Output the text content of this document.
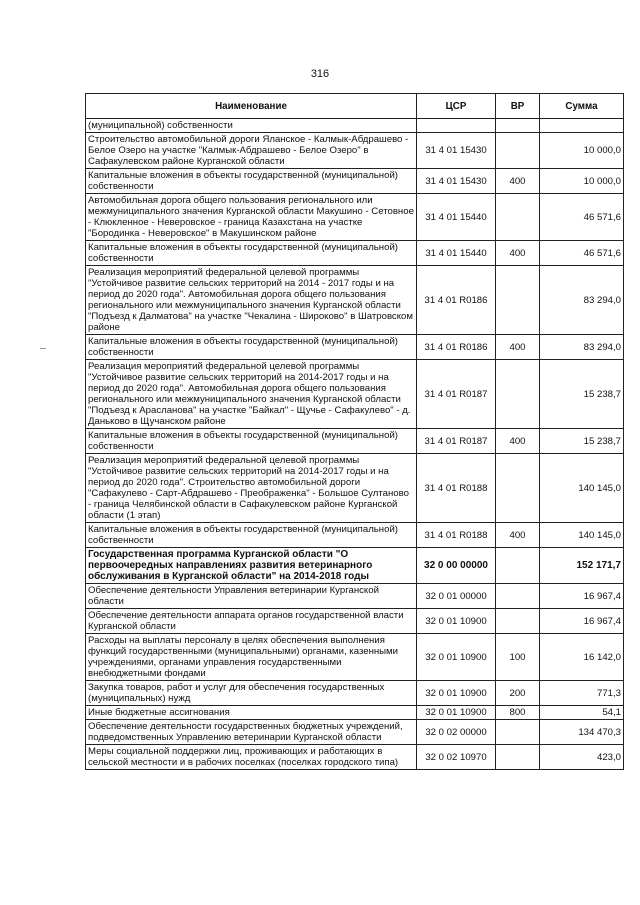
316
Наименование	ЦСР	ВР	Сумма
(муниципальной) собственности			
Строительство автомобильной дороги Яланское - Калмык-Абдрашево - Белое Озеро на участке "Калмык-Абдрашево - Белое Озеро" в Сафакулевском районе Курганской области	31 4 01 15430		10 000,0
Капитальные вложения в объекты государственной (муниципальной) собственности	31 4 01 15430	400	10 000,0
Автомобильная дорога общего пользования регионального или межмуниципального значения Курганской области Макушино - Сетовное - Клюкленное - Неверовское - граница Казахстана на участке "Бородинка - Неверовское" в Макушинском районе	31 4 01 15440		46 571,6
Капитальные вложения в объекты государственной (муниципальной) собственности	31 4 01 15440	400	46 571,6
Реализация мероприятий федеральной целевой программы "Устойчивое развитие сельских территорий на 2014 - 2017 годы и на период до 2020 года". Автомобильная дорога общего пользования регионального или межмуниципального значения Курганской области "Подъезд к Далматова" на участке "Чекалина - Широково" в Шатровском районе	31 4 01 R0186		83 294,0
Капитальные вложения в объекты государственной (муниципальной) собственности	31 4 01 R0186	400	83 294,0
Реализация мероприятий федеральной целевой программы "Устойчивое развитие сельских территорий на 2014-2017 годы и на период до 2020 года". Автомобильная дорога общего пользования регионального или межмуниципального значения Курганской области "Подъезд к Арасланова" на участке "Байкал" - Щучье - Сафакулево" - д. Данькoво в Щучанском районе	31 4 01 R0187		15 238,7
Капитальные вложения в объекты государственной (муниципальной) собственности	31 4 01 R0187	400	15 238,7
Реализация мероприятий федеральной целевой программы "Устойчивое развитие сельских территорий на 2014-2017 годы и на период до 2020 года". Строительство автомобильной дороги "Сафакулево - Сарт-Абдрашево - Преображенка" - Большое Султаново - граница Челябинской области в Сафакулевском районе Курганской области (1 этап)	31 4 01 R0188		140 145,0
Капитальные вложения в объекты государственной (муниципальной) собственности	31 4 01 R0188	400	140 145,0
Государственная программа Курганской области "О первоочередных направлениях развития ветеринарного обслуживания в Курганской области" на 2014-2018 годы	32 0 00 00000		152 171,7
Обеспечение деятельности Управления ветеринарии Курганской области	32 0 01 00000		16 967,4
Обеспечение деятельности аппарата органов государственной власти Курганской области	32 0 01 10900		16 967,4
Расходы на выплаты персоналу в целях обеспечения выполнения функций государственными (муниципальными) органами, казенными учреждениями, органами управления государственными внебюджетными фондами	32 0 01 10900	100	16 142,0
Закупка товаров, работ и услуг для обеспечения государственных (муниципальных) нужд	32 0 01 10900	200	771,3
Иные бюджетные ассигнования	32 0 01 10900	800	54,1
Обеспечение деятельности государственных бюджетных учреждений, подведомственных Управлению ветеринарии Курганской области	32 0 02 00000		134 470,3
Меры социальной поддержки лиц, проживающих и работающих в сельской местности и в рабочих поселках (поселках городского типа)	32 0 02 10970		423,0
